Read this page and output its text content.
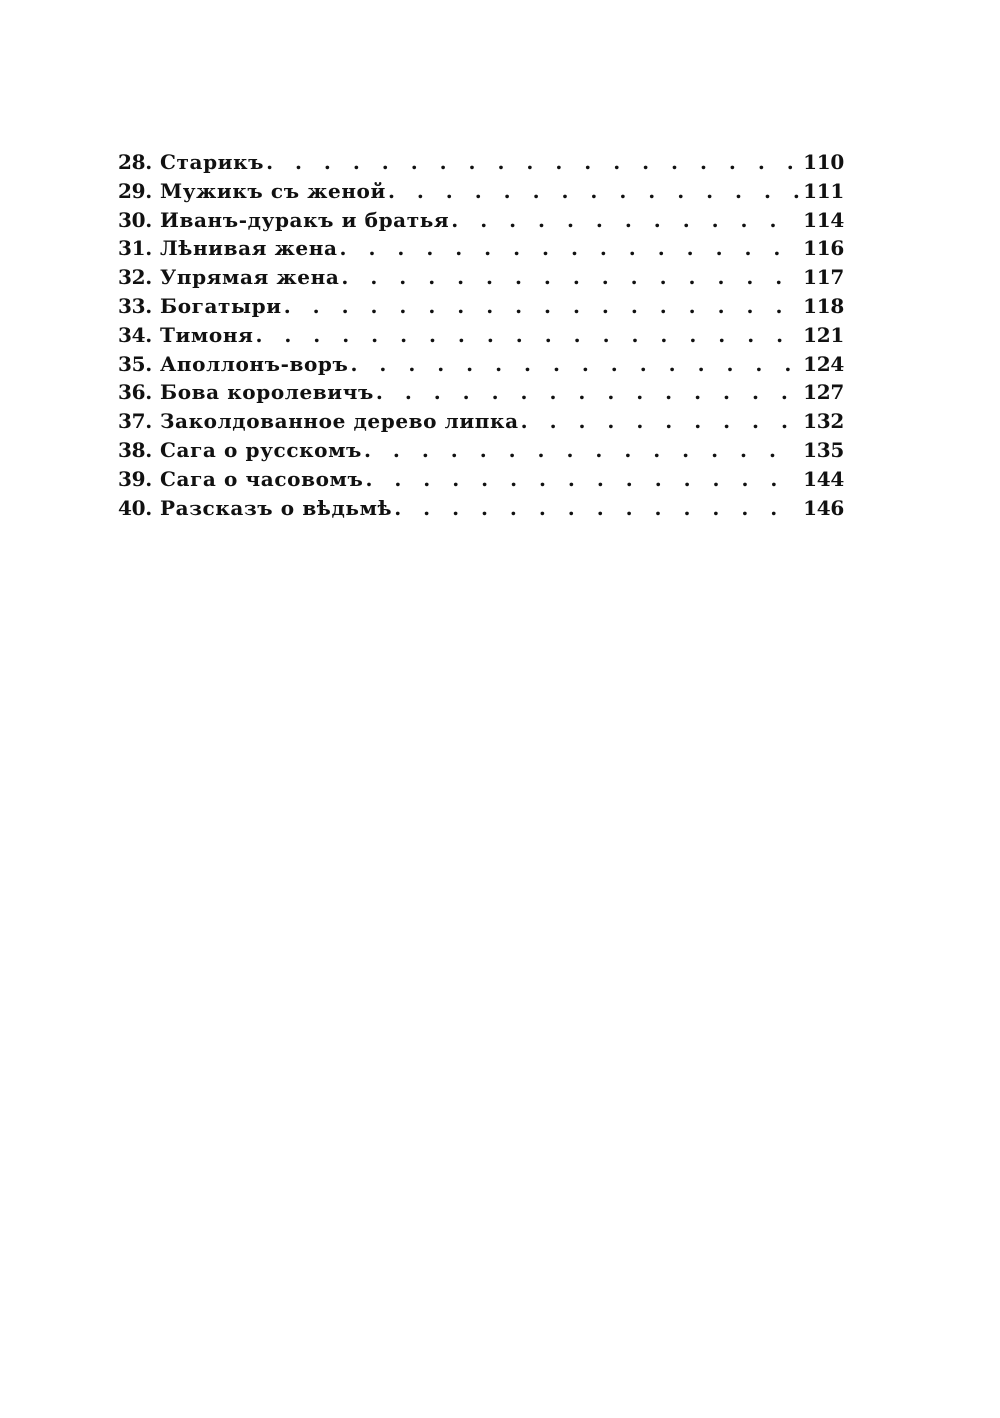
28. Старикъ . . .	110
29. Мужикъ съ женой . . .	111
30. Иванъ-дуракъ и братья . . .	114
31. Лѣнивая жена . . .	116
32. Упрямая жена . . .	117
33. Богатыри . . .	118
34. Тимоня . . .	121
35. Аполлонъ-воръ . . .	124
36. Бова королевичъ . . .	127
37. Заколдованное дерево липка . . .	132
38. Сага о русскомъ . . .	135
39. Сага о часовомъ . . .	144
40. Разсказъ о вѣдьмѣ . . .	146
